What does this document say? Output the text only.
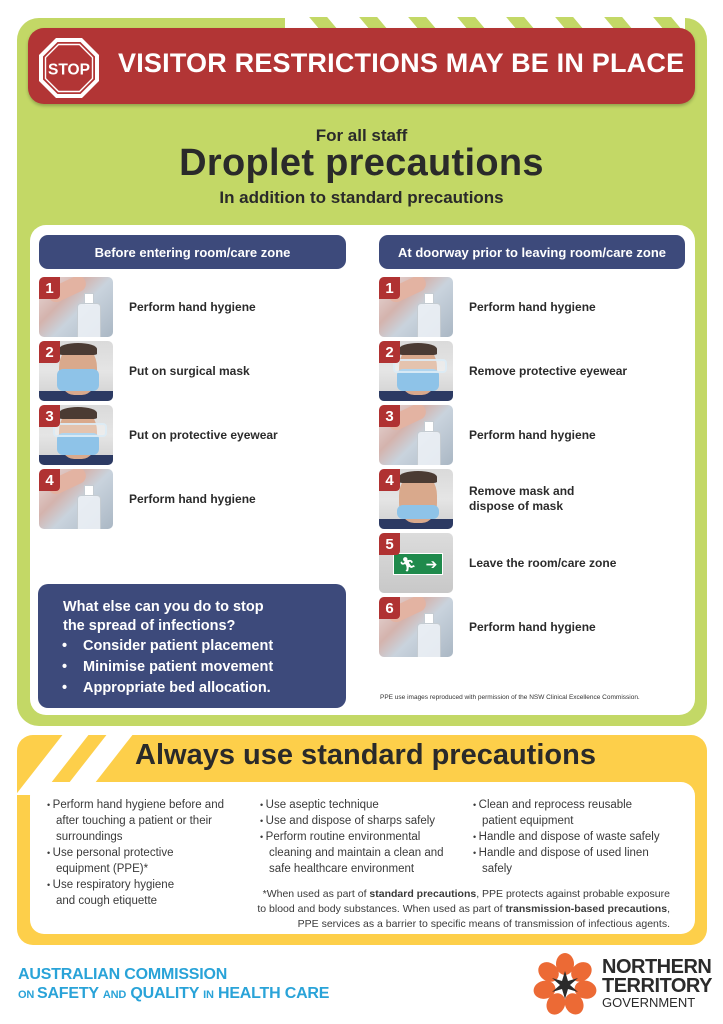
STOP VISITOR RESTRICTIONS MAY BE IN PLACE
For all staff
Droplet precautions
In addition to standard precautions
Before entering room/care zone
1
Perform hand hygiene
2
Put on surgical mask
3
Put on protective eyewear
4
Perform hand hygiene
What else can you do to stop
the spread of infections?
• Consider patient placement
• Minimise patient movement
• Appropriate bed allocation.
At doorway prior to leaving room/care zone
1
Perform hand hygiene
2
Remove protective eyewear
3
Perform hand hygiene
4
Remove mask and
dispose of mask
🏃︎ ➔
5
Leave the room/care zone
6
Perform hand hygiene
PPE use images reproduced with permission of the NSW Clinical Excellence Commission.
Always use standard precautions
• Perform hand hygiene before and after touching a patient or their surroundings
• Use personal protective equipment (PPE)*
• Use respiratory hygiene and cough etiquette
• Use aseptic technique
• Use and dispose of sharps safely
• Perform routine environmental cleaning and maintain a clean and safe healthcare environment
• Clean and reprocess reusable patient equipment
• Handle and dispose of waste safely
• Handle and dispose of used linen safely

*When used as part of standard precautions, PPE protects against probable exposure

to blood and body substances. When used as part of transmission-based precautions,

PPE services as a barrier to specific means of transmission of infectious agents.

AUSTRALIAN COMMISSION
ON SAFETY AND QUALITY IN HEALTH CARE
NORTHERN
TERRITORY
GOVERNMENT
